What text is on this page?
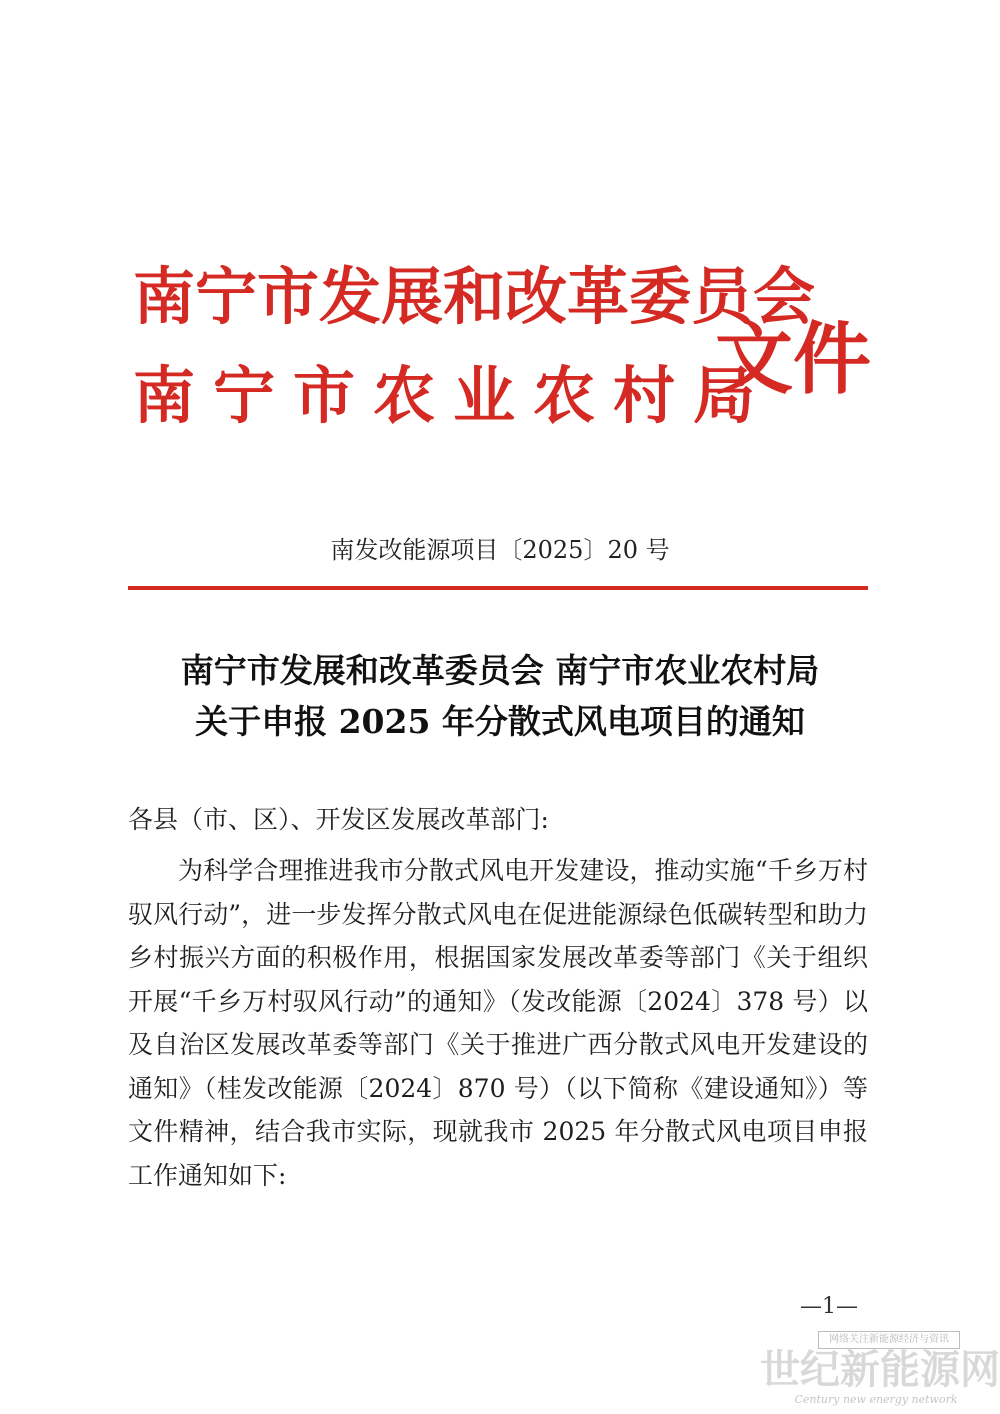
南宁市发展和改革委员会
南宁市农业农村局
文件
南发改能源项目〔2025〕20 号
南宁市发展和改革委员会 南宁市农业农村局
关于申报 2025 年分散式风电项目的通知
各县（市、区）、开发区发展改革部门:
为科学合理推进我市分散式风电开发建设，推动实施“千乡万村驭风行动”，进一步发挥分散式风电在促进能源绿色低碳转型和助力乡村振兴方面的积极作用，根据国家发展改革委等部门《关于组织开展“千乡万村驭风行动”的通知》（发改能源〔2024〕378 号）以及自治区发展改革委等部门《关于推进广西分散式风电开发建设的通知》（桂发改能源〔2024〕870 号）（以下简称《建设通知》）等文件精神，结合我市实际，现就我市 2025 年分散式风电项目申报工作通知如下:
—1—
网络关注新能源经济与资讯
世纪新能源网
Century new energy network
